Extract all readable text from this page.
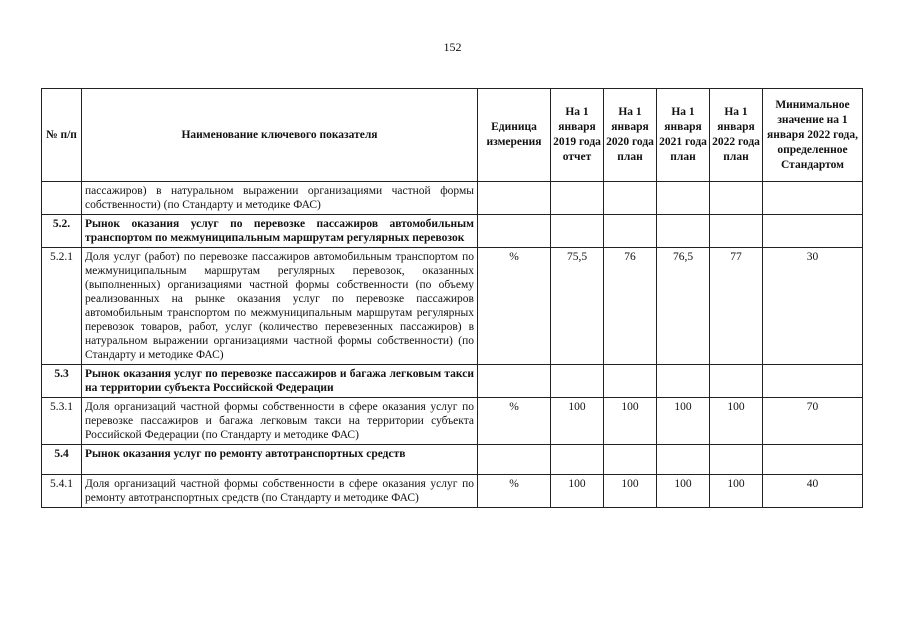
152
№ п/п	Наименование ключевого показателя	Единица измерения	На 1 января 2019 года отчет	На 1 января 2020 года план	На 1 января 2021 года план	На 1 января 2022 года план	Минимальное значение на 1 января 2022 года, определенное Стандартом
	пассажиров) в натуральном выражении организациями частной формы собственности) (по Стандарту и методике ФАС)						
5.2.	Рынок оказания услуг по перевозке пассажиров автомобильным транспортом по межмуниципальным маршрутам регулярных перевозок						
5.2.1	Доля услуг (работ) по перевозке пассажиров автомобильным транспортом по межмуниципальным маршрутам регулярных перевозок, оказанных (выполненных) организациями частной формы собственности (по объему реализованных на рынке оказания услуг по перевозке пассажиров автомобильным транспортом по межмуниципальным маршрутам регулярных перевозок товаров, работ, услуг (количество перевезенных пассажиров) в натуральном выражении организациями частной формы собственности) (по Стандарту и методике ФАС)	%	75,5	76	76,5	77	30
5.3	Рынок оказания услуг по перевозке пассажиров и багажа легковым такси на территории субъекта Российской Федерации						
5.3.1	Доля организаций частной формы собственности в сфере оказания услуг по перевозке пассажиров и багажа легковым такси на территории субъекта Российской Федерации (по Стандарту и методике ФАС)	%	100	100	100	100	70
5.4	Рынок оказания услуг по ремонту автотранспортных средств						
5.4.1	Доля организаций частной формы собственности в сфере оказания услуг по ремонту автотранспортных средств (по Стандарту и методике ФАС)	%	100	100	100	100	40
